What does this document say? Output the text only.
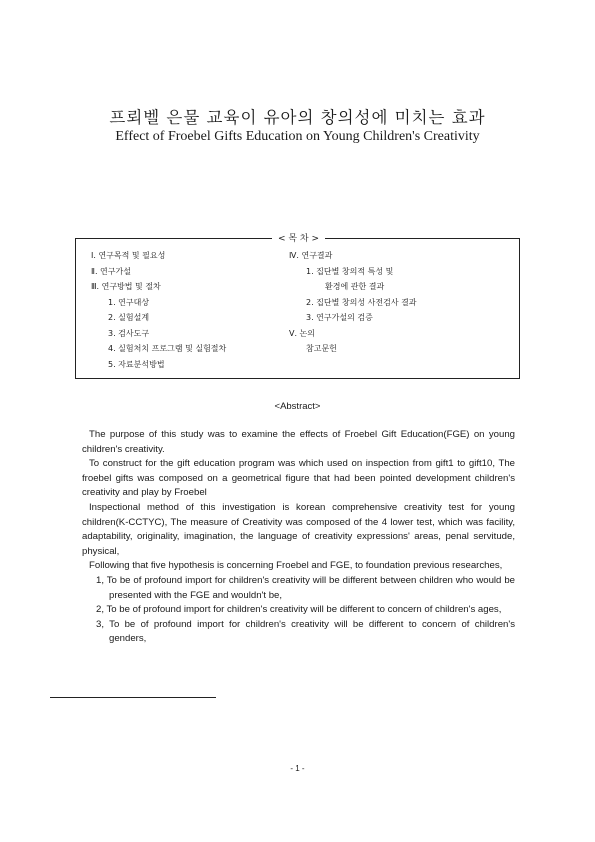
프뢰벨 은물 교육이 유아의 창의성에 미치는 효과
Effect of Froebel Gifts Education on Young Children's Creativity
< 목 차 >
Ⅰ. 연구목적 및 필요성
Ⅱ. 연구가설
Ⅲ. 연구방법 및 절차
1. 연구대상
2. 실험설계
3. 검사도구
4. 실험처치 프로그램 및 실험절차
5. 자료분석방법
Ⅳ. 연구결과
1. 집단별 창의적 특성 및
환경에 관한 결과
2. 집단별 창의성 사전검사 결과
3. 연구가설의 검증
Ⅴ. 논의
참고문헌
<Abstract>

The purpose of this study was to examine the effects of Froebel Gift Education(FGE) on young children's creativity.

To construct for the gift education program was which used on inspection from gift1 to gift10, The froebel gifts was composed on a geometrical figure that had been pointed development children's creativity and play by Froebel

Inspectional method of this investigation is korean comprehensive creativity test for young children(K-CCTYC), The measure of Creativity was composed of the 4 lower test, which was facility, adaptability, originality, imagination, the language of creativity expressions' areas, penal servitude, physical,

Following that five hypothesis is concerning Froebel and FGE, to foundation previous researches,

1, To be of profound import for children's creativity will be different between children who would be presented with the FGE and wouldn't be,

2, To be of profound import for children's creativity will be different to concern of children's ages,

3, To be of profound import for children's creativity will be different to concern of children's genders,

- 1 -
